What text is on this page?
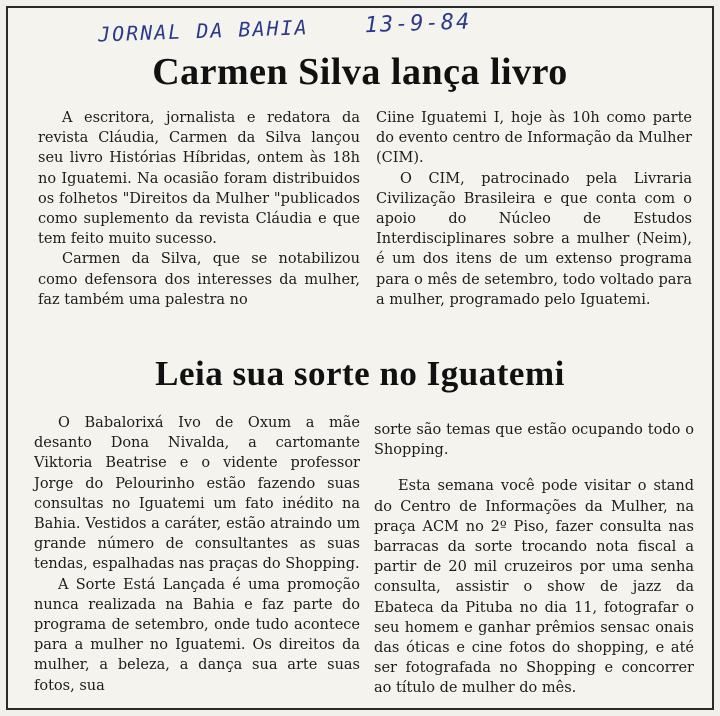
JORNAL DA BAHIA	13-9-84
Carmen Silva lança livro

A escritora, jornalista e redatora da revista Cláudia, Carmen da Silva lançou seu livro Histórias Híbridas, ontem às 18h no Iguatemi. Na ocasião foram distribuidos os folhetos "Direitos da Mulher "publicados como suplemento da revista Cláudia e que tem feito muito sucesso.

Carmen da Silva, que se notabilizou como defensora dos interesses da mulher, faz também uma palestra no

Ciine Iguatemi I, hoje às 10h como parte do evento centro de Informação da Mulher (CIM).

O CIM, patrocinado pela Livraria Civilização Brasileira e que conta com o apoio do Núcleo de Estudos Interdisciplinares sobre a mulher (Neim), é um dos itens de um extenso programa para o mês de setembro, todo voltado para a mulher, programado pelo Iguatemi.

Leia sua sorte no Iguatemi

O Babalorixá Ivo de Oxum a mãe desanto Dona Nivalda, a cartomante Viktoria Beatrise e o vidente professor Jorge do Pelourinho estão fazendo suas consultas no Iguatemi um fato inédito na Bahia. Vestidos a caráter, estão atraindo um grande número de consultantes as suas tendas, espalhadas nas praças do Shopping.

A Sorte Está Lançada é uma promoção nunca realizada na Bahia e faz parte do programa de setembro, onde tudo acontece para a mulher no Iguatemi. Os direitos da mulher, a beleza, a dança sua arte suas fotos, sua

sorte são temas que estão ocupando todo o Shopping.

Esta semana você pode visitar o stand do Centro de Informações da Mulher, na praça ACM no 2º Piso, fazer consulta nas barracas da sorte trocando nota fiscal a partir de 20 mil cruzeiros por uma senha consulta, assistir o show de jazz da Ebateca da Pituba no dia 11, fotografar o seu homem e ganhar prêmios sensac onais das óticas e cine fotos do shopping, e até ser fotografada no Shopping e concorrer ao título de mulher do mês.
